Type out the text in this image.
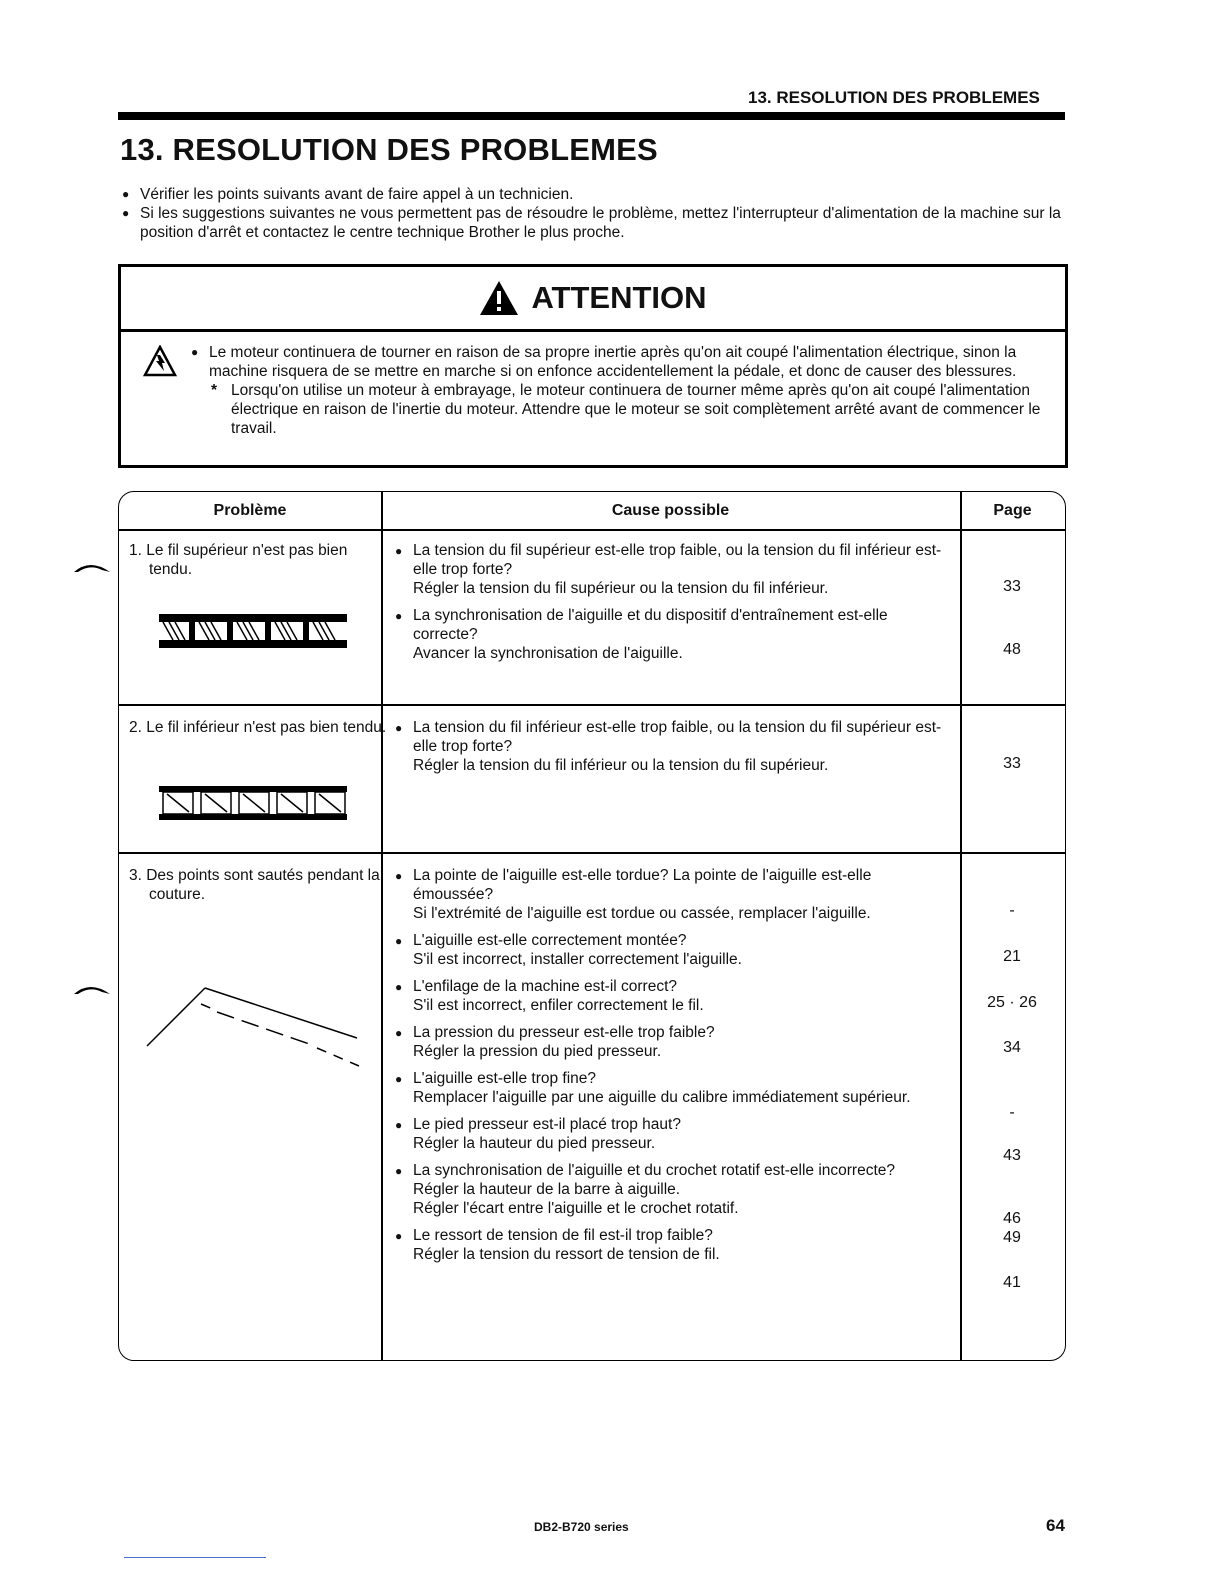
13. RESOLUTION DES PROBLEMES
13. RESOLUTION DES PROBLEMES
● Vérifier les points suivants avant de faire appel à un technicien.
● Si les suggestions suivantes ne vous permettent pas de résoudre le problème, mettez l'interrupteur d'alimentation de la machine sur la position d'arrêt et contactez le centre technique Brother le plus proche.
ATTENTION
● Le moteur continuera de tourner en raison de sa propre inertie après qu'on ait coupé l'alimentation électrique, sinon la machine risquera de se mettre en marche si on enfonce accidentellement la pédale, et donc de causer des blessures.
* Lorsqu'on utilise un moteur à embrayage, le moteur continuera de tourner même après qu'on ait coupé l'alimentation électrique en raison de l'inertie du moteur. Attendre que le moteur se soit complètement arrêté avant de commencer le travail.
Problème	Cause possible	Page
1. Le fil supérieur n'est pas bien tendu.
● La tension du fil supérieur est-elle trop faible, ou la tension du fil inférieur est-elle trop forte?
Régler la tension du fil supérieur ou la tension du fil inférieur.
● La synchronisation de l'aiguille et du dispositif d'entraînement est-elle correcte?
Avancer la synchronisation de l'aiguille.
33
48
2. Le fil inférieur n'est pas bien tendu.
●	La tension du fil inférieur est-elle trop faible, ou la tension du fil supérieur est-elle trop forte?
Régler la tension du fil inférieur ou la tension du fil supérieur.	33
3. Des points sont sautés pendant la couture.
● La pointe de l'aiguille est-elle tordue? La pointe de l'aiguille est-elle émoussée?
Si l'extrémité de l'aiguille est tordue ou cassée, remplacer l'aiguille.
● L'aiguille est-elle correctement montée?
S'il est incorrect, installer correctement l'aiguille.
● L'enfilage de la machine est-il correct?
S'il est incorrect, enfiler correctement le fil.
● La pression du presseur est-elle trop faible?
Régler la pression du pied presseur.
● L'aiguille est-elle trop fine?
Remplacer l'aiguille par une aiguille du calibre immédiatement supérieur.
● Le pied presseur est-il placé trop haut?
Régler la hauteur du pied presseur.
● La synchronisation de l'aiguille et du crochet rotatif est-elle incorrecte?
Régler la hauteur de la barre à aiguille.
Régler l'écart entre l'aiguille et le crochet rotatif.
● Le ressort de tension de fil est-il trop faible?
Régler la tension du ressort de tension de fil.
-
21
25 · 26
34
-
43
46
49
41
DB2-B720 series	64
